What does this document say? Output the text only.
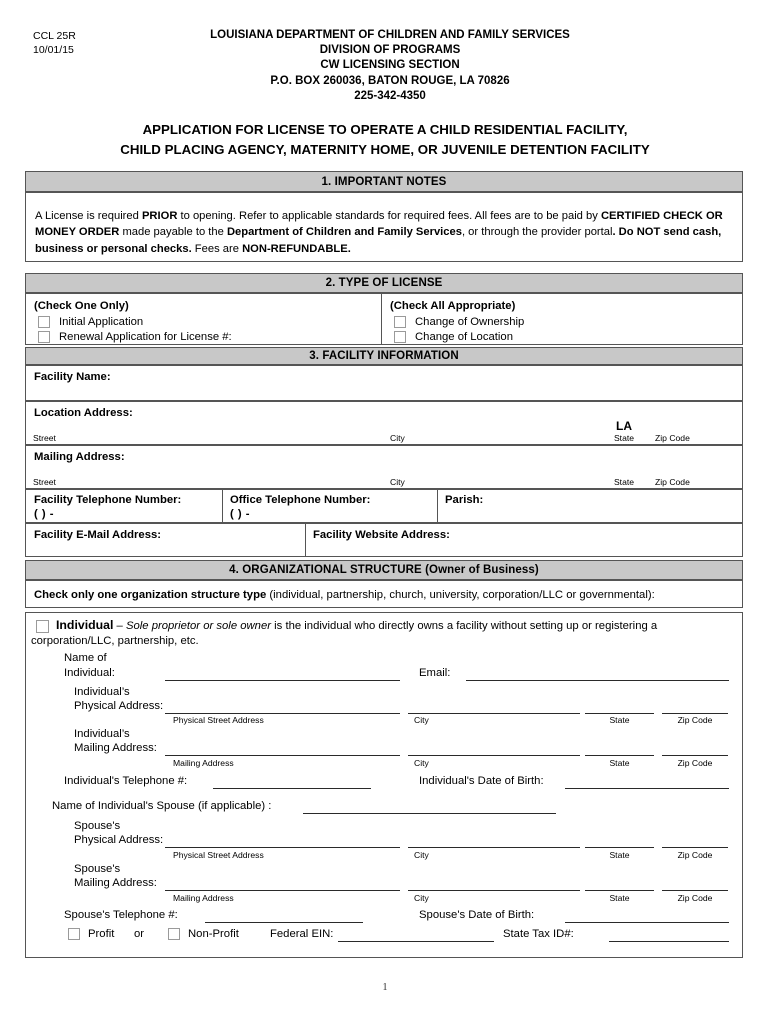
CCL 25R
10/01/15
LOUISIANA DEPARTMENT OF CHILDREN AND FAMILY SERVICES
DIVISION OF PROGRAMS
CW LICENSING SECTION
P.O. BOX 260036, BATON ROUGE, LA 70826
225-342-4350
APPLICATION FOR LICENSE TO OPERATE A CHILD RESIDENTIAL FACILITY,
CHILD PLACING AGENCY, MATERNITY HOME, OR JUVENILE DETENTION FACILITY
1. IMPORTANT NOTES
A License is required PRIOR to opening. Refer to applicable standards for required fees. All fees are to be paid by CERTIFIED CHECK OR MONEY ORDER made payable to the Department of Children and Family Services, or through the provider portal. Do NOT send cash, business or personal checks. Fees are NON-REFUNDABLE.
2. TYPE OF LICENSE
(Check One Only)
Initial Application
Renewal Application for License #:
(Check All Appropriate)
Change of Ownership
Change of Location
3. FACILITY INFORMATION
Facility Name:
Location Address:
LA
Street	City	State	Zip Code
Mailing Address:
Street	City	State	Zip Code
Facility Telephone Number:
( ) -
Office Telephone Number:
( ) -
Parish:
Facility E-Mail Address:	Facility Website Address:
4. ORGANIZATIONAL STRUCTURE (Owner of Business)
Check only one organization structure type (individual, partnership, church, university, corporation/LLC or governmental):
Individual – Sole proprietor or sole owner is the individual who directly owns a facility without setting up or registering a
corporation/LLC, partnership, etc.
Name of
Individual:	Email:
Individual’s
Physical Address:
Physical Street Address	City	State	Zip Code
Individual’s
Mailing Address:
Mailing Address	City	State	Zip Code
Individual's Telephone #:	Individual's Date of Birth:
Name of Individual's Spouse (if applicable) :
Spouse's
Physical Address:
Physical Street Address	City	State	Zip Code
Spouse's
Mailing Address:
Mailing Address	City	State	Zip Code
Spouse's Telephone #:	Spouse's Date of Birth:
Profit or	Non-Profit	Federal EIN:	State Tax ID#:
1
